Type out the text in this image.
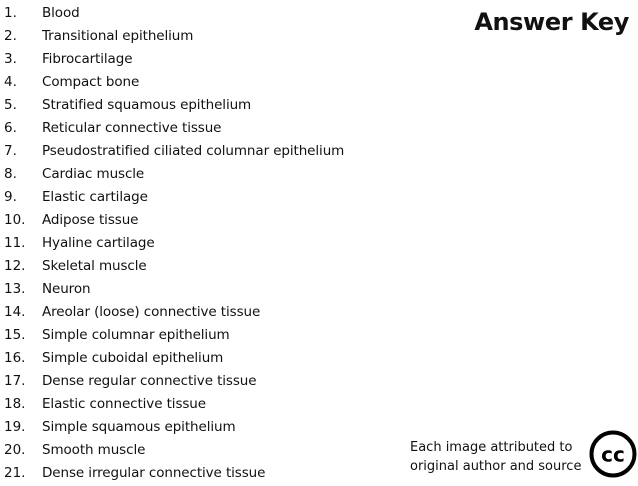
1.	Blood
2.	Transitional epithelium
3.	Fibrocartilage
4.	Compact bone
5.	Stratified squamous epithelium
6.	Reticular connective tissue
7.	Pseudostratified ciliated columnar epithelium
8.	Cardiac muscle
9.	Elastic cartilage
10.	Adipose tissue
11.	Hyaline cartilage
12.	Skeletal muscle
13.	Neuron
14.	Areolar (loose) connective tissue
15.	Simple columnar epithelium
16.	Simple cuboidal epithelium
17.	Dense regular connective tissue
18.	Elastic connective tissue
19.	Simple squamous epithelium
20.	Smooth muscle
21.	Dense irregular connective tissue
Answer Key
Each image attributed to
original author and source cc
